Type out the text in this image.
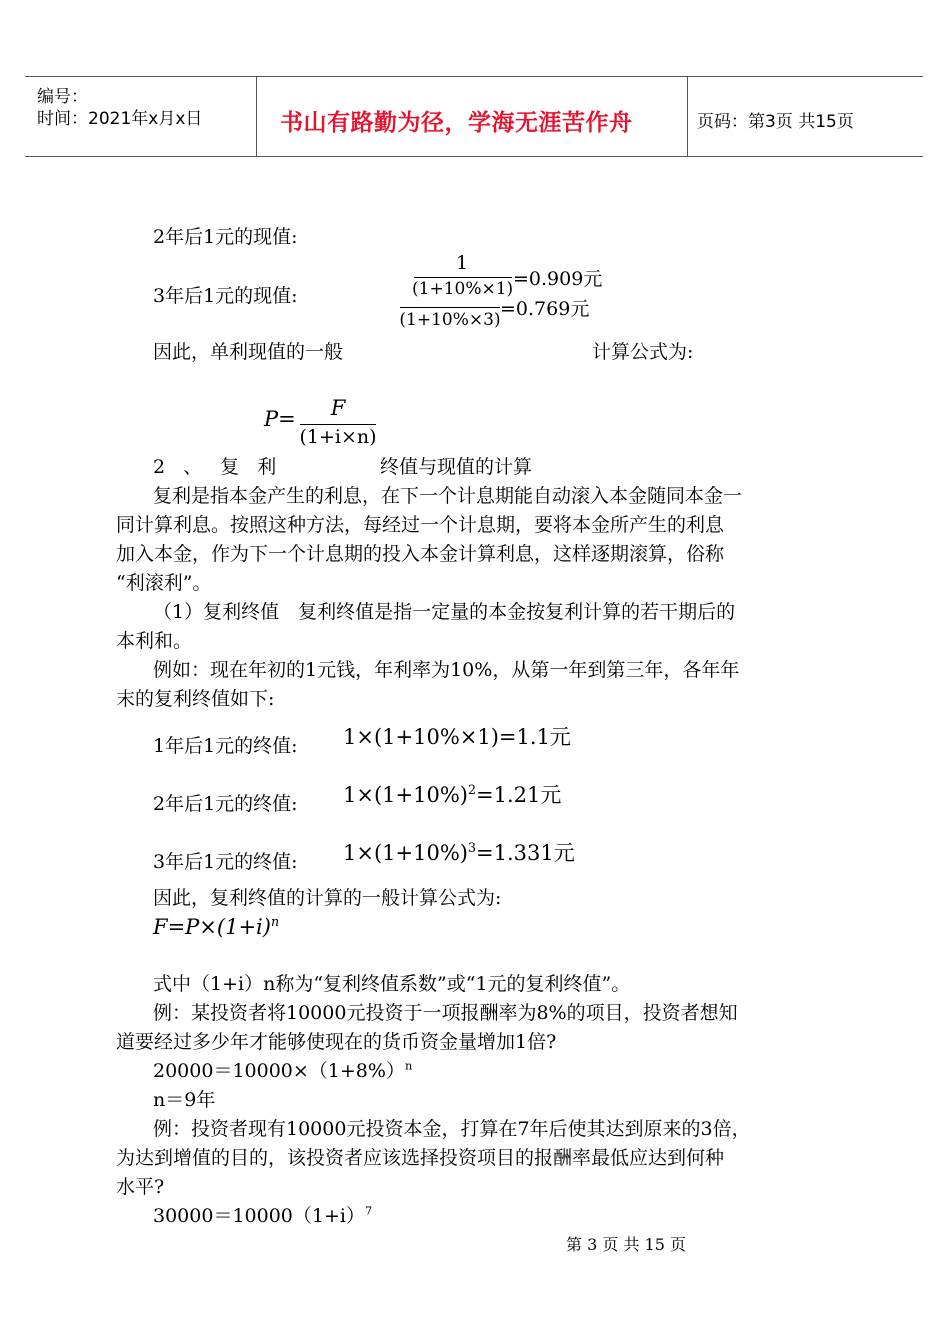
编号：
时间：2021年x月x日	书山有路勤为径，学海无涯苦作舟	页码：第3页 共15页
2年后1元的现值:
1
(1+10%×1) =0.909元
3年后1元的现值:
(1+10%×3) =0.769元
因此，单利现值的一般	计算公式为:
P=	F
(1+i×n)
2 、 复 利	终值与现值的计算
复利是指本金产生的利息，在下一个计息期能自动滚入本金随同本金一
同计算利息。按照这种方法，每经过一个计息期，要将本金所产生的利息
加入本金，作为下一个计息期的投入本金计算利息，这样逐期滚算，俗称
“利滚利”。
（1）复利终值　复利终值是指一定量的本金按复利计算的若干期后的
本利和。
例如：现在年初的1元钱，年利率为10%，从第一年到第三年，各年年
末的复利终值如下:
1年后1元的终值: 1×(1+10%×1)=1.1元
2年后1元的终值: $1\times(1+10\%)^2=1.21$元
3年后1元的终值: $1\times(1+10\%)^3=1.331$元
因此，复利终值的计算的一般计算公式为:
$F=P\times(1+i)^n$
式中（1+i）n称为“复利终值系数”或“1元的复利终值”。
例：某投资者将10000元投资于一项报酬率为8%的项目，投资者想知
道要经过多少年才能够使现在的货币资金量增加1倍?
$20000=10000\times(1+8\%)^n$
n＝9年
例：投资者现有10000元投资本金，打算在7年后使其达到原来的3倍，
为达到增值的目的，该投资者应该选择投资项目的报酬率最低应达到何种
水平?
$30000=10000(1+i)^7$
第 3 页 共 15 页
